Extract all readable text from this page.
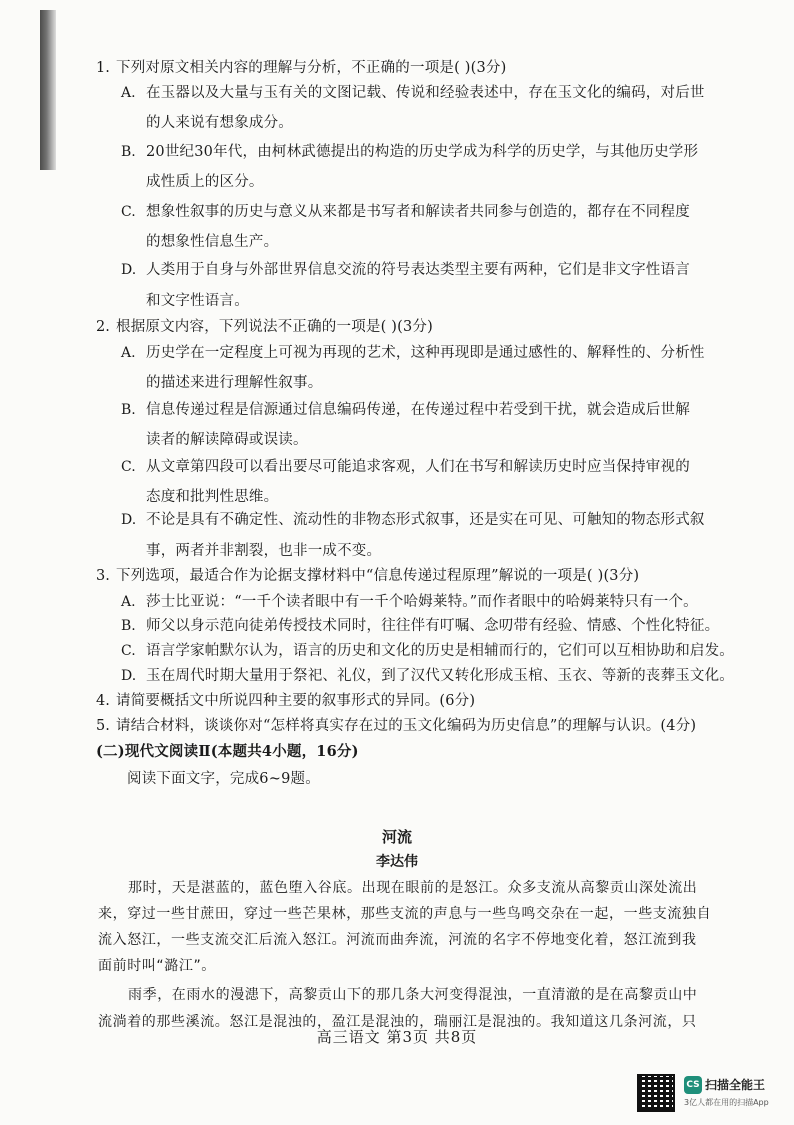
1. 下列对原文相关内容的理解与分析，不正确的一项是( )(3分)
A. 在玉器以及大量与玉有关的文图记载、传说和经验表述中，存在玉文化的编码，对后世
的人来说有想象成分。
B. 20世纪30年代，由柯林武德提出的构造的历史学成为科学的历史学，与其他历史学形
成性质上的区分。
C. 想象性叙事的历史与意义从来都是书写者和解读者共同参与创造的，都存在不同程度
的想象性信息生产。
D. 人类用于自身与外部世界信息交流的符号表达类型主要有两种，它们是非文字性语言
和文字性语言。
2. 根据原文内容，下列说法不正确的一项是( )(3分)
A. 历史学在一定程度上可视为再现的艺术，这种再现即是通过感性的、解释性的、分析性
的描述来进行理解性叙事。
B. 信息传递过程是信源通过信息编码传递，在传递过程中若受到干扰，就会造成后世解
读者的解读障碍或误读。
C. 从文章第四段可以看出要尽可能追求客观，人们在书写和解读历史时应当保持审视的
态度和批判性思维。
D. 不论是具有不确定性、流动性的非物态形式叙事，还是实在可见、可触知的物态形式叙
事，两者并非割裂，也非一成不变。
3. 下列选项，最适合作为论据支撑材料中“信息传递过程原理”解说的一项是( )(3分)
A. 莎士比亚说：“一千个读者眼中有一千个哈姆莱特。”而作者眼中的哈姆莱特只有一个。
B. 师父以身示范向徒弟传授技术同时，往往伴有叮嘱、念叨带有经验、情感、个性化特征。
C. 语言学家帕默尔认为，语言的历史和文化的历史是相辅而行的，它们可以互相协助和启发。
D. 玉在周代时期大量用于祭祀、礼仪，到了汉代又转化形成玉棺、玉衣、等新的丧葬玉文化。
4. 请简要概括文中所说四种主要的叙事形式的异同。(6分)
5. 请结合材料，谈谈你对“怎样将真实存在过的玉文化编码为历史信息”的理解与认识。(4分)
(二)现代文阅读Ⅱ(本题共4小题，16分)
阅读下面文字，完成6~9题。
那时，天是湛蓝的，蓝色堕入谷底。出现在眼前的是怒江。众多支流从高黎贡山深处流出
来，穿过一些甘蔗田，穿过一些芒果林，那些支流的声息与一些鸟鸣交杂在一起，一些支流独自
流入怒江，一些支流交汇后流入怒江。河流而曲奔流，河流的名字不停地变化着，怒江流到我
面前时叫“潞江”。
雨季，在雨水的漫漶下，高黎贡山下的那几条大河变得混浊，一直清澈的是在高黎贡山中
流淌着的那些溪流。怒江是混浊的，盈江是混浊的，瑞丽江是混浊的。我知道这几条河流，只
河流
李达伟
高三语文 第3页 共8页
CS 扫描全能王
3亿人都在用的扫描App
